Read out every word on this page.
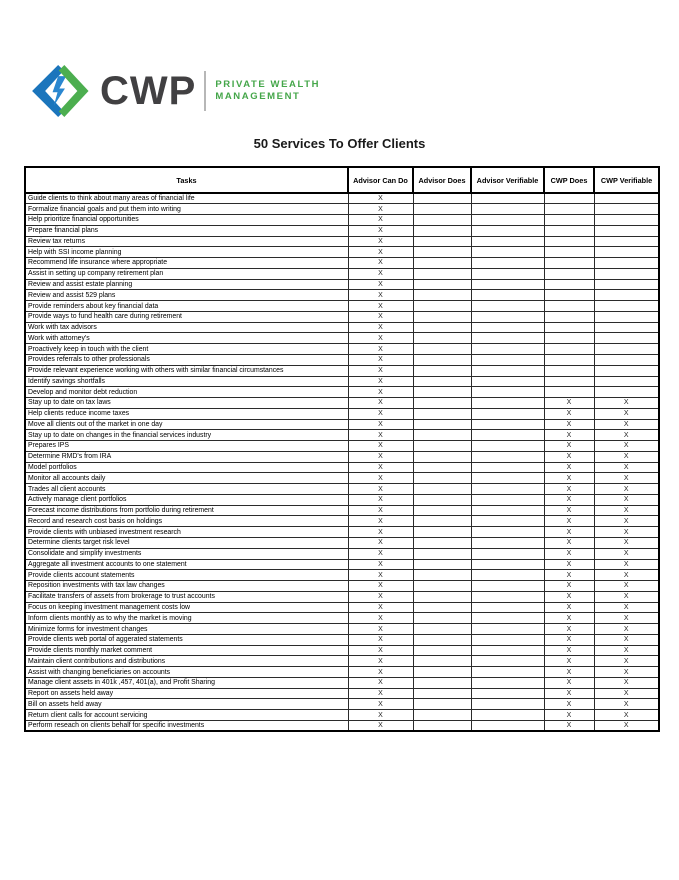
CWP PRIVATE WEALTH
MANAGEMENT
50 Services To Offer Clients
Tasks	Advisor Can Do	Advisor Does	Advisor Verifiable	CWP Does	CWP Verifiable
Guide clients to think about many areas of financial life	X				
Formalize financial goals and put them into writing	X				
Help prioritize financial opportunities	X				
Prepare financial plans	X				
Review tax returns	X				
Help with SSI income planning	X				
Recommend life insurance where appropriate	X				
Assist in setting up company retirement plan	X				
Review and assist estate planning	X				
Review and assist 529 plans	X				
Provide reminders about key financial data	X				
Provide ways to fund health care during retirement	X				
Work with tax advisors	X				
Work with attorney's	X				
Proactively keep in touch with the client	X				
Provides referrals to other professionals	X				
Provide relevant experience working with others with similar financial circumstances	X				
Identify savings shortfalls	X				
Develop and monitor debt reduction	X				
Stay up to date on tax laws	X			X	X
Help clients reduce income taxes	X			X	X
Move all clients out of the market in one day	X			X	X
Stay up to date on changes in the financial services industry	X			X	X
Prepares IPS	X			X	X
Determine RMD's from IRA	X			X	X
Model portfolios	X			X	X
Monitor all accounts daily	X			X	X
Trades all client accounts	X			X	X
Actively manage client portfolios	X			X	X
Forecast income distributions from portfolio during retirement	X			X	X
Record and research cost basis on holdings	X			X	X
Provide clients with unbiased investment research	X			X	X
Determine clients target risk level	X			X	X
Consolidate and simplify investments	X			X	X
Aggregate all investment accounts to one statement	X			X	X
Provide clients account statements	X			X	X
Reposition investments with tax law changes	X			X	X
Facilitate transfers of assets from brokerage to trust accounts	X			X	X
Focus on keeping investment management costs low	X			X	X
Inform clients monthly as to why the market is moving	X			X	X
Minimize forms for investment changes	X			X	X
Provide clients web portal of aggerated statements	X			X	X
Provide clients monthly market comment	X			X	X
Maintain client contributions and distributions	X			X	X
Assist with changing beneficiaries on accounts	X			X	X
Manage client assets in 401k ,457, 401(a), and Profit Sharing	X			X	X
Report on assets held away	X			X	X
Bill on assets held away	X			X	X
Return client calls for account servicing	X			X	X
Perform reseach on clients behalf for specific investments	X			X	X
